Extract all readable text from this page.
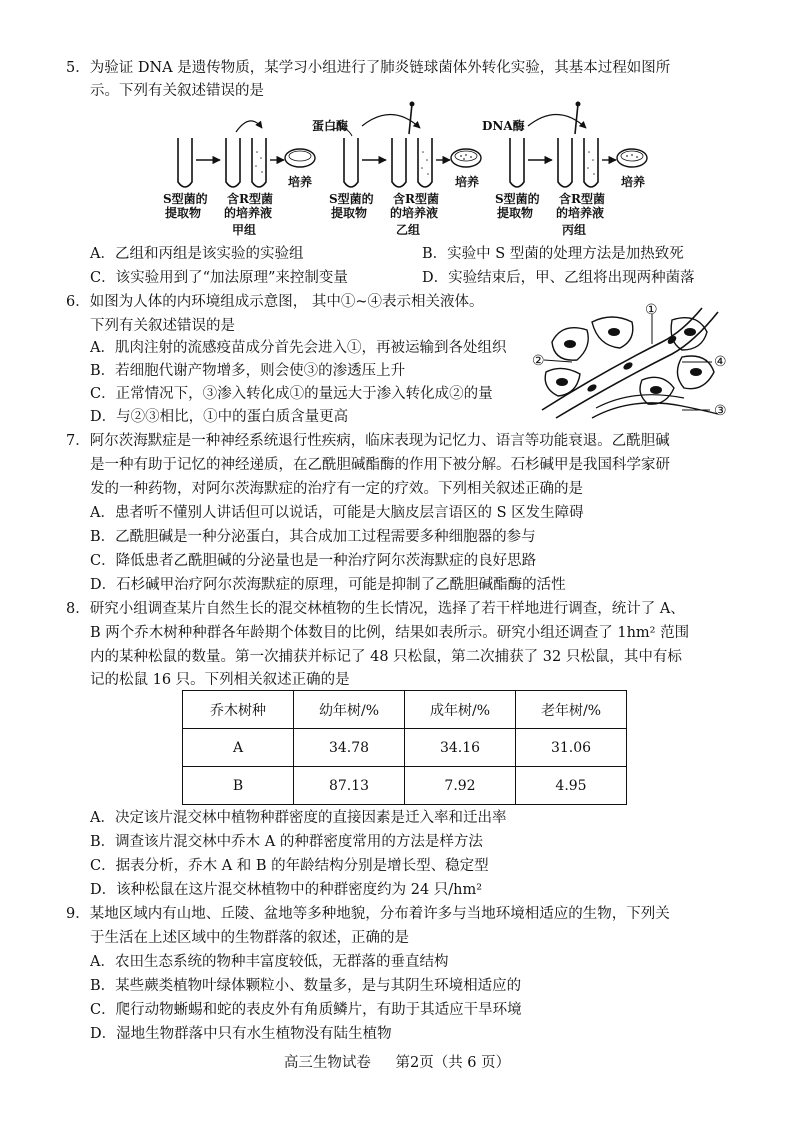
5．为验证 DNA 是遗传物质，某学习小组进行了肺炎链球菌体外转化实验，其基本过程如图所
示。下列有关叙述错误的是
蛋白酶	DNA酶
培养	培养	培养
S型菌的
提取物
含R型菌
的培养液
甲组
S型菌的
提取物
含R型菌
的培养液
乙组
S型菌的
提取物
含R型菌
的培养液
丙组
A．乙组和丙组是该实验的实验组	B．实验中 S 型菌的处理方法是加热致死
C．该实验用到了“加法原理”来控制变量	D．实验结束后，甲、乙组将出现两种菌落
6．如图为人体的内环境组成示意图， 其中①~④表示相关液体。
下列有关叙述错误的是
A．肌肉注射的流感疫苗成分首先会进入①，再被运输到各处组织
B．若细胞代谢产物增多，则会使③的渗透压上升
C．正常情况下，③渗入转化成①的量远大于渗入转化成②的量
D．与②③相比，①中的蛋白质含量更高
①
②
③
④
7．阿尔茨海默症是一种神经系统退行性疾病，临床表现为记忆力、语言等功能衰退。乙酰胆碱
是一种有助于记忆的神经递质，在乙酰胆碱酯酶的作用下被分解。石杉碱甲是我国科学家研
发的一种药物，对阿尔茨海默症的治疗有一定的疗效。下列相关叙述正确的是
A．患者听不懂别人讲话但可以说话，可能是大脑皮层言语区的 S 区发生障碍
B．乙酰胆碱是一种分泌蛋白，其合成加工过程需要多种细胞器的参与
C．降低患者乙酰胆碱的分泌量也是一种治疗阿尔茨海默症的良好思路
D．石杉碱甲治疗阿尔茨海默症的原理，可能是抑制了乙酰胆碱酯酶的活性
8．研究小组调查某片自然生长的混交林植物的生长情况，选择了若干样地进行调查，统计了 A、
B 两个乔木树种种群各年龄期个体数目的比例，结果如表所示。研究小组还调查了 1hm² 范围
内的某种松鼠的数量。第一次捕获并标记了 48 只松鼠，第二次捕获了 32 只松鼠，其中有标
记的松鼠 16 只。下列相关叙述正确的是
乔木树种	幼年树/%	成年树/%	老年树/%
A	34.78	34.16	31.06
B	87.13	7.92	4.95
A．决定该片混交林中植物种群密度的直接因素是迁入率和迁出率
B．调查该片混交林中乔木 A 的种群密度常用的方法是样方法
C．据表分析，乔木 A 和 B 的年龄结构分别是增长型、稳定型
D．该种松鼠在这片混交林植物中的种群密度约为 24 只/hm²
9．某地区域内有山地、丘陵、盆地等多种地貌，分布着许多与当地环境相适应的生物，下列关
于生活在上述区域中的生物群落的叙述，正确的是
A．农田生态系统的物种丰富度较低，无群落的垂直结构
B．某些蕨类植物叶绿体颗粒小、数量多，是与其阴生环境相适应的
C．爬行动物蜥蜴和蛇的表皮外有角质鳞片，有助于其适应干旱环境
D．湿地生物群落中只有水生植物没有陆生植物
高三生物试卷 第2页（共 6 页）
